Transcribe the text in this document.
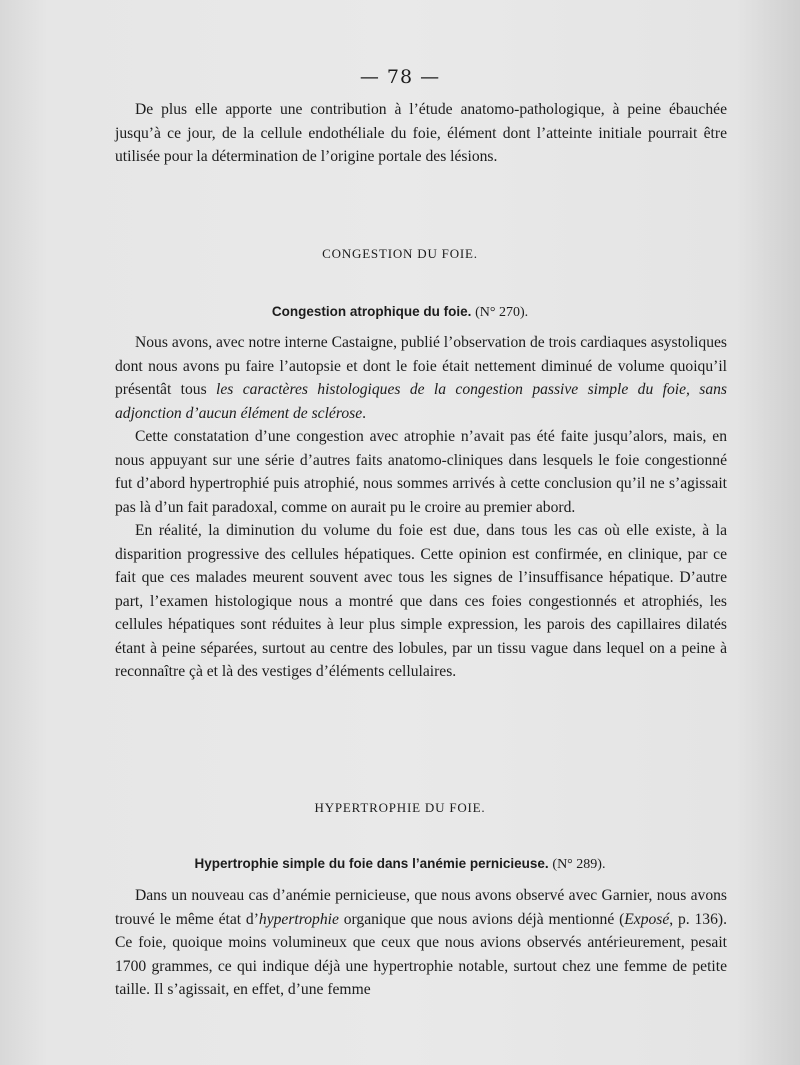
— 78 —

De plus elle apporte une contribution à l’étude anatomo-pathologique, à peine ébauchée jusqu’à ce jour, de la cellule endothéliale du foie, élément dont l’atteinte initiale pourrait être utilisée pour la détermination de l’origine portale des lésions.

CONGESTION DU FOIE.
Congestion atrophique du foie. (N° 270).

Nous avons, avec notre interne Castaigne, publié l’observation de trois cardiaques asystoliques dont nous avons pu faire l’autopsie et dont le foie était nettement diminué de volume quoiqu’il présentât tous les caractères histologiques de la congestion passive simple du foie, sans adjonction d’aucun élément de sclérose.

Cette constatation d’une congestion avec atrophie n’avait pas été faite jusqu’alors, mais, en nous appuyant sur une série d’autres faits anatomo-cliniques dans lesquels le foie congestionné fut d’abord hypertrophié puis atrophié, nous sommes arrivés à cette conclusion qu’il ne s’agissait pas là d’un fait paradoxal, comme on aurait pu le croire au premier abord.

En réalité, la diminution du volume du foie est due, dans tous les cas où elle existe, à la disparition progressive des cellules hépatiques. Cette opinion est confirmée, en clinique, par ce fait que ces malades meurent souvent avec tous les signes de l’insuffisance hépatique. D’autre part, l’examen histologique nous a montré que dans ces foies congestionnés et atrophiés, les cellules hépatiques sont réduites à leur plus simple expression, les parois des capillaires dilatés étant à peine séparées, surtout au centre des lobules, par un tissu vague dans lequel on a peine à reconnaître çà et là des vestiges d’éléments cellulaires.

HYPERTROPHIE DU FOIE.
Hypertrophie simple du foie dans l’anémie pernicieuse. (N° 289).

Dans un nouveau cas d’anémie pernicieuse, que nous avons observé avec Garnier, nous avons trouvé le même état d’hypertrophie organique que nous avions déjà mentionné (Exposé, p. 136). Ce foie, quoique moins volumineux que ceux que nous avions observés antérieurement, pesait 1700 grammes, ce qui indique déjà une hypertrophie notable, surtout chez une femme de petite taille. Il s’agissait, en effet, d’une femme
